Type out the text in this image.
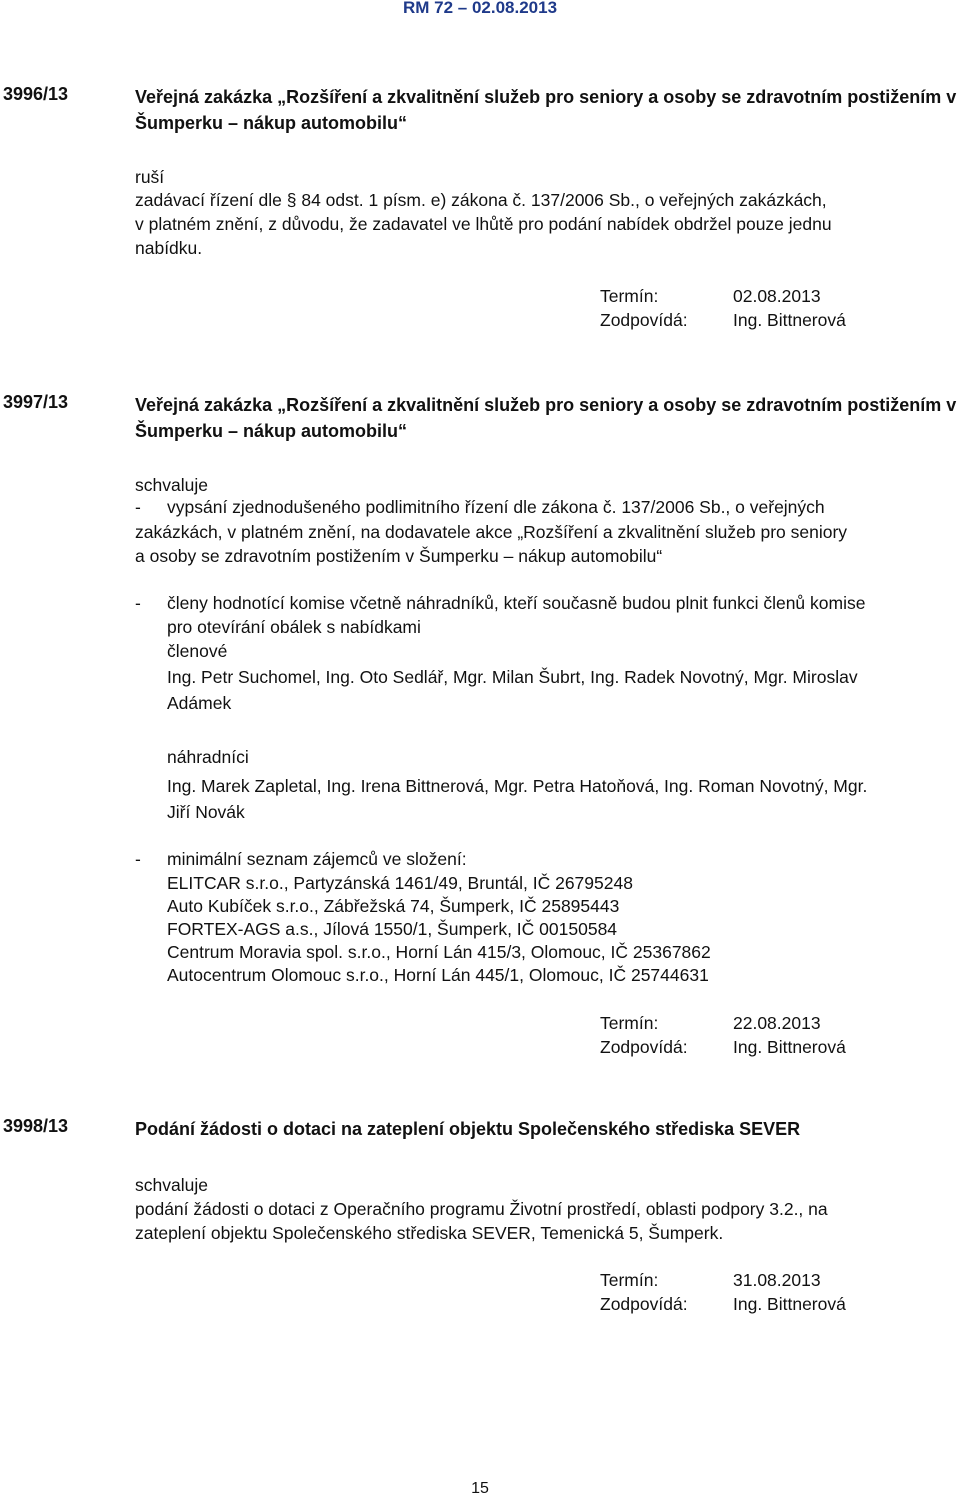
RM 72 – 02.08.2013
3996/13	Veřejná zakázka „Rozšíření a zkvalitnění služeb pro seniory a osoby se zdravotním postižením v Šumperku – nákup automobilu“
ruší
zadávací řízení dle § 84 odst. 1 písm. e) zákona č. 137/2006 Sb., o veřejných zakázkách,
v platném znění, z důvodu, že zadavatel ve lhůtě pro podání nabídek obdržel pouze jednu
nabídku.
Termín:	02.08.2013
Zodpovídá:	Ing. Bittnerová
3997/13	Veřejná zakázka „Rozšíření a zkvalitnění služeb pro seniory a osoby se zdravotním postižením v Šumperku – nákup automobilu“
schvaluje
- vypsání zjednodušeného podlimitního řízení dle zákona č. 137/2006 Sb., o veřejných
zakázkách, v platném znění, na dodavatele akce „Rozšíření a zkvalitnění služeb pro seniory
a osoby se zdravotním postižením v Šumperku – nákup automobilu“
- členy hodnotící komise včetně náhradníků, kteří současně budou plnit funkci členů komise
pro otevírání obálek s nabídkami
členové
Ing. Petr Suchomel, Ing. Oto Sedlář, Mgr. Milan Šubrt, Ing. Radek Novotný, Mgr. Miroslav
Adámek
náhradníci
Ing. Marek Zapletal, Ing. Irena Bittnerová, Mgr. Petra Hatoňová, Ing. Roman Novotný, Mgr.
Jiří Novák
- minimální seznam zájemců ve složení:
ELITCAR s.r.o., Partyzánská 1461/49, Bruntál, IČ 26795248
Auto Kubíček s.r.o., Zábřežská 74, Šumperk, IČ 25895443
FORTEX-AGS a.s., Jílová 1550/1, Šumperk, IČ 00150584
Centrum Moravia spol. s.r.o., Horní Lán 415/3, Olomouc, IČ 25367862
Autocentrum Olomouc s.r.o., Horní Lán 445/1, Olomouc, IČ 25744631
Termín:	22.08.2013
Zodpovídá:	Ing. Bittnerová
3998/13	Podání žádosti o dotaci na zateplení objektu Společenského střediska SEVER
schvaluje
podání žádosti o dotaci z Operačního programu Životní prostředí, oblasti podpory 3.2., na
zateplení objektu Společenského střediska SEVER, Temenická 5, Šumperk.
Termín:	31.08.2013
Zodpovídá:	Ing. Bittnerová
15
